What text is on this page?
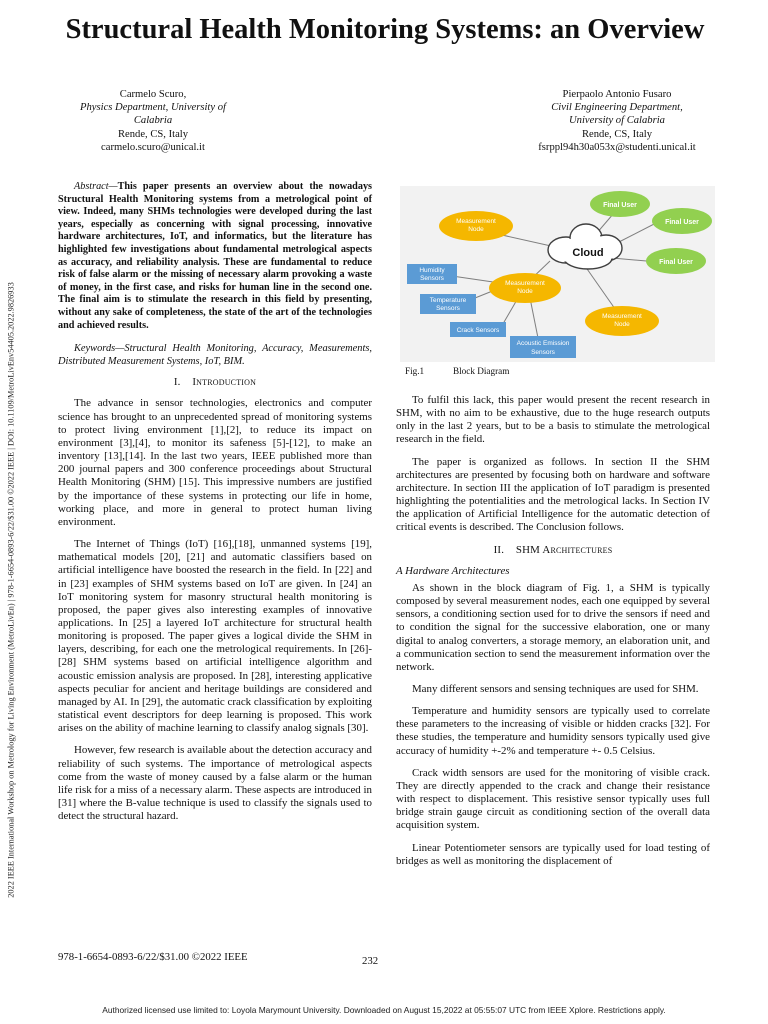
2022 IEEE International Workshop on Metrology for Living Environment (MetroLivEn) | 978-1-6654-0893-6/22/$31.00 ©2022 IEEE | DOI: 10.1109/MetroLivEnv54405.2022.9826933
Structural Health Monitoring Systems: an Overview
Carmelo Scuro,
Physics Department, University of
Calabria
Rende, CS, Italy
carmelo.scuro@unical.it
Pierpaolo Antonio Fusaro
Civil Engineering Department,
University of Calabria
Rende, CS, Italy
fsrppl94h30a053x@studenti.unical.it

Abstract—This paper presents an overview about the nowadays Structural Health Monitoring systems from a metrological point of view. Indeed, many SHMs technologies were developed during the last years, especially as concerning with signal processing, innovative hardware architectures, IoT, and informatics, but the literature has highlighted few investigations about fundamental metrological aspects as accuracy, and reliability analysis. These are fundamental to reduce risk of false alarm or the missing of necessary alarm provoking a waste of money, in the first case, and risks for human line in the second one. The final aim is to stimulate the research in this field by presenting, without any sake of completeness, the state of the art of the technologies and achieved results.

Keywords—Structural Health Monitoring, Accuracy, Measurements, Distributed Measurement Systems, IoT, BIM.

I. Introduction

The advance in sensor technologies, electronics and computer science has brought to an unprecedented spread of monitoring systems to protect living environment [1],[2], to reduce its impact on environment [3],[4], to monitor its safeness [5]-[12], to make an inventory [13],[14]. In the last two years, IEEE published more than 200 journal papers and 300 conference proceedings about Structural Health Monitoring (SHM) [15]. This impressive numbers are justified by the importance of these systems in protecting our life in home, working place, and more in general to protect human living environment.

The Internet of Things (IoT) [16],[18], unmanned systems [19], mathematical models [20], [21] and automatic classifiers based on artificial intelligence have boosted the research in the field. In [22] and in [23] examples of SHM systems based on IoT are given. In [24] an IoT monitoring system for masonry structural health monitoring is proposed, the paper gives also interesting examples of innovative applications. In [25] a layered IoT architecture for structural health monitoring is proposed. The paper gives a logical divide the SHM in layers, describing, for each one the metrological requirements. In [26]-[28] SHM systems based on artificial intelligence algorithm and acoustic emission analysis are proposed. In [28], interesting applicative aspects peculiar for ancient and heritage buildings are considered and managed by AI. In [29], the automatic crack classification by exploiting statistical event descriptors for deep learning is proposed. This work arises on the ability of machine learning to classify analog signals [30].

However, few research is available about the detection accuracy and reliability of such systems. The importance of metrological aspects come from the waste of money caused by a false alarm or the human life risk for a miss of a necessary alarm. These aspects are introduced in [31] where the B-value technique is used to classify the signals used to detect the structural hazard.

Cloud
Measurement
Node
Measurement
Node
Measurement
Node
Final User
Final User
Final User
Humidity
Sensors
Temperature
Sensors
Crack Sensors
Acoustic Emission
Sensors
Fig.1	Block Diagram

To fulfil this lack, this paper would present the recent research in SHM, with no aim to be exhaustive, due to the huge research outputs only in the last 2 years, but to be a basis to stimulate the metrological research in the field.

The paper is organized as follows. In section II the SHM architectures are presented by focusing both on hardware and software architecture. In section III the application of IoT paradigm is presented highlighting the potentialities and the metrological lacks. In Section IV the application of Artificial Intelligence for the automatic detection of critical events is described. The Conclusion follows.

II. SHM Architectures
A Hardware Architectures

As shown in the block diagram of Fig. 1, a SHM is typically composed by several measurement nodes, each one equipped by several sensors, a conditioning section used for to drive the sensors if need and to condition the signal for the successive elaboration, one or many digital to analog converters, a storage memory, an elaboration unit, and a communication section to send the measurement information over the network.

Many different sensors and sensing techniques are used for SHM.

Temperature and humidity sensors are typically used to correlate these parameters to the increasing of visible or hidden cracks [32]. For these studies, the temperature and humidity sensors typically used give accuracy of humidity +-2% and temperature +- 0.5 Celsius.

Crack width sensors are used for the monitoring of visible crack. They are directly appended to the crack and change their resistance with respect to displacement. This resistive sensor typically uses full bridge strain gauge circuit as conditioning section of the overall data acquisition system.

Linear Potentiometer sensors are typically used for load testing of bridges as well as monitoring the displacement of

978-1-6654-0893-6/22/$31.00 ©2022 IEEE	232
Authorized licensed use limited to: Loyola Marymount University. Downloaded on August 15,2022 at 05:55:07 UTC from IEEE Xplore. Restrictions apply.
